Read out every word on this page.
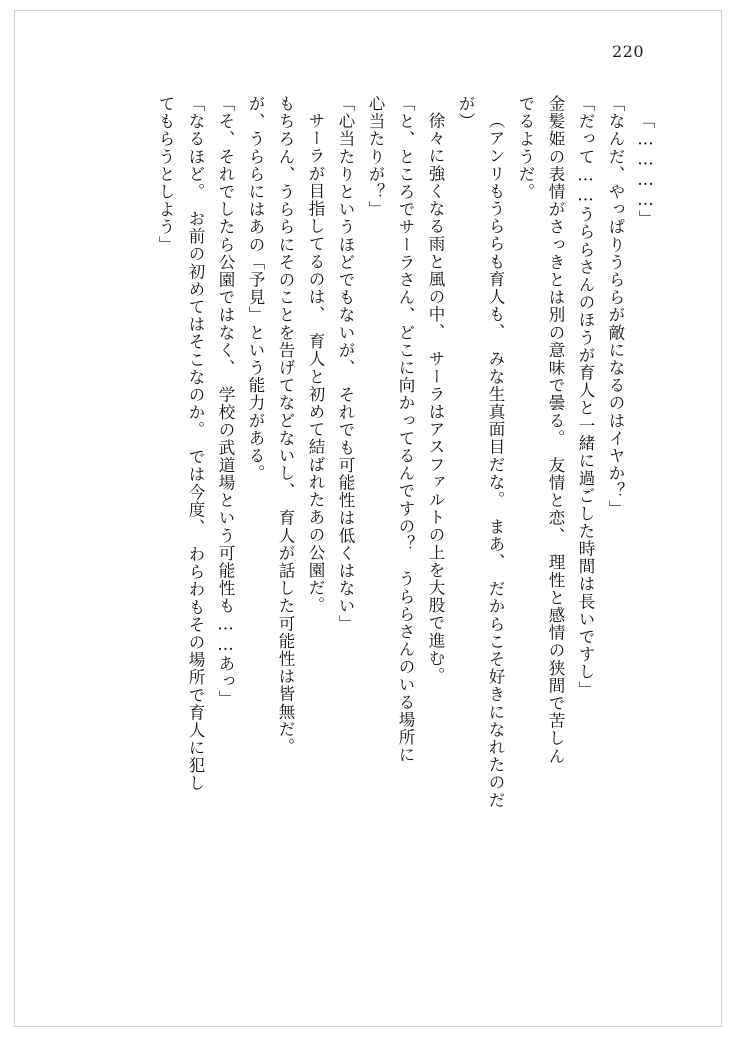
220
「…………」
「なんだ、やっぱりうららが敵になるのはイヤか？」
「だって……うららさんのほうが育人と一緒に過ごした時間は長いですし」
金髪姫の表情がさっきとは別の意味で曇る。　友情と恋、　理性と感情の狭間で苦しん
でるようだ。
（アンリもうららも育人も、　みな生真面目だな。　まあ、　だからこそ好きになれたのだ
が）
徐々に強くなる雨と風の中、　サーラはアスファルトの上を大股で進む。
「と、ところでサーラさん、どこに向かってるんですの？　うららさんのいる場所に
心当たりが？」
「心当たりというほどでもないが、　それでも可能性は低くはない」
サーラが目指してるのは、　育人と初めて結ばれたあの公園だ。
もちろん、うららにそのことを告げてなどないし、　育人が話した可能性は皆無だ。
が、うららにはあの「予見」という能力がある。
「そ、それでしたら公園ではなく、　学校の武道場という可能性も……あっ」
「なるほど。　お前の初めてはそこなのか。　では今度、　わらわもその場所で育人に犯し
てもらうとしよう」
